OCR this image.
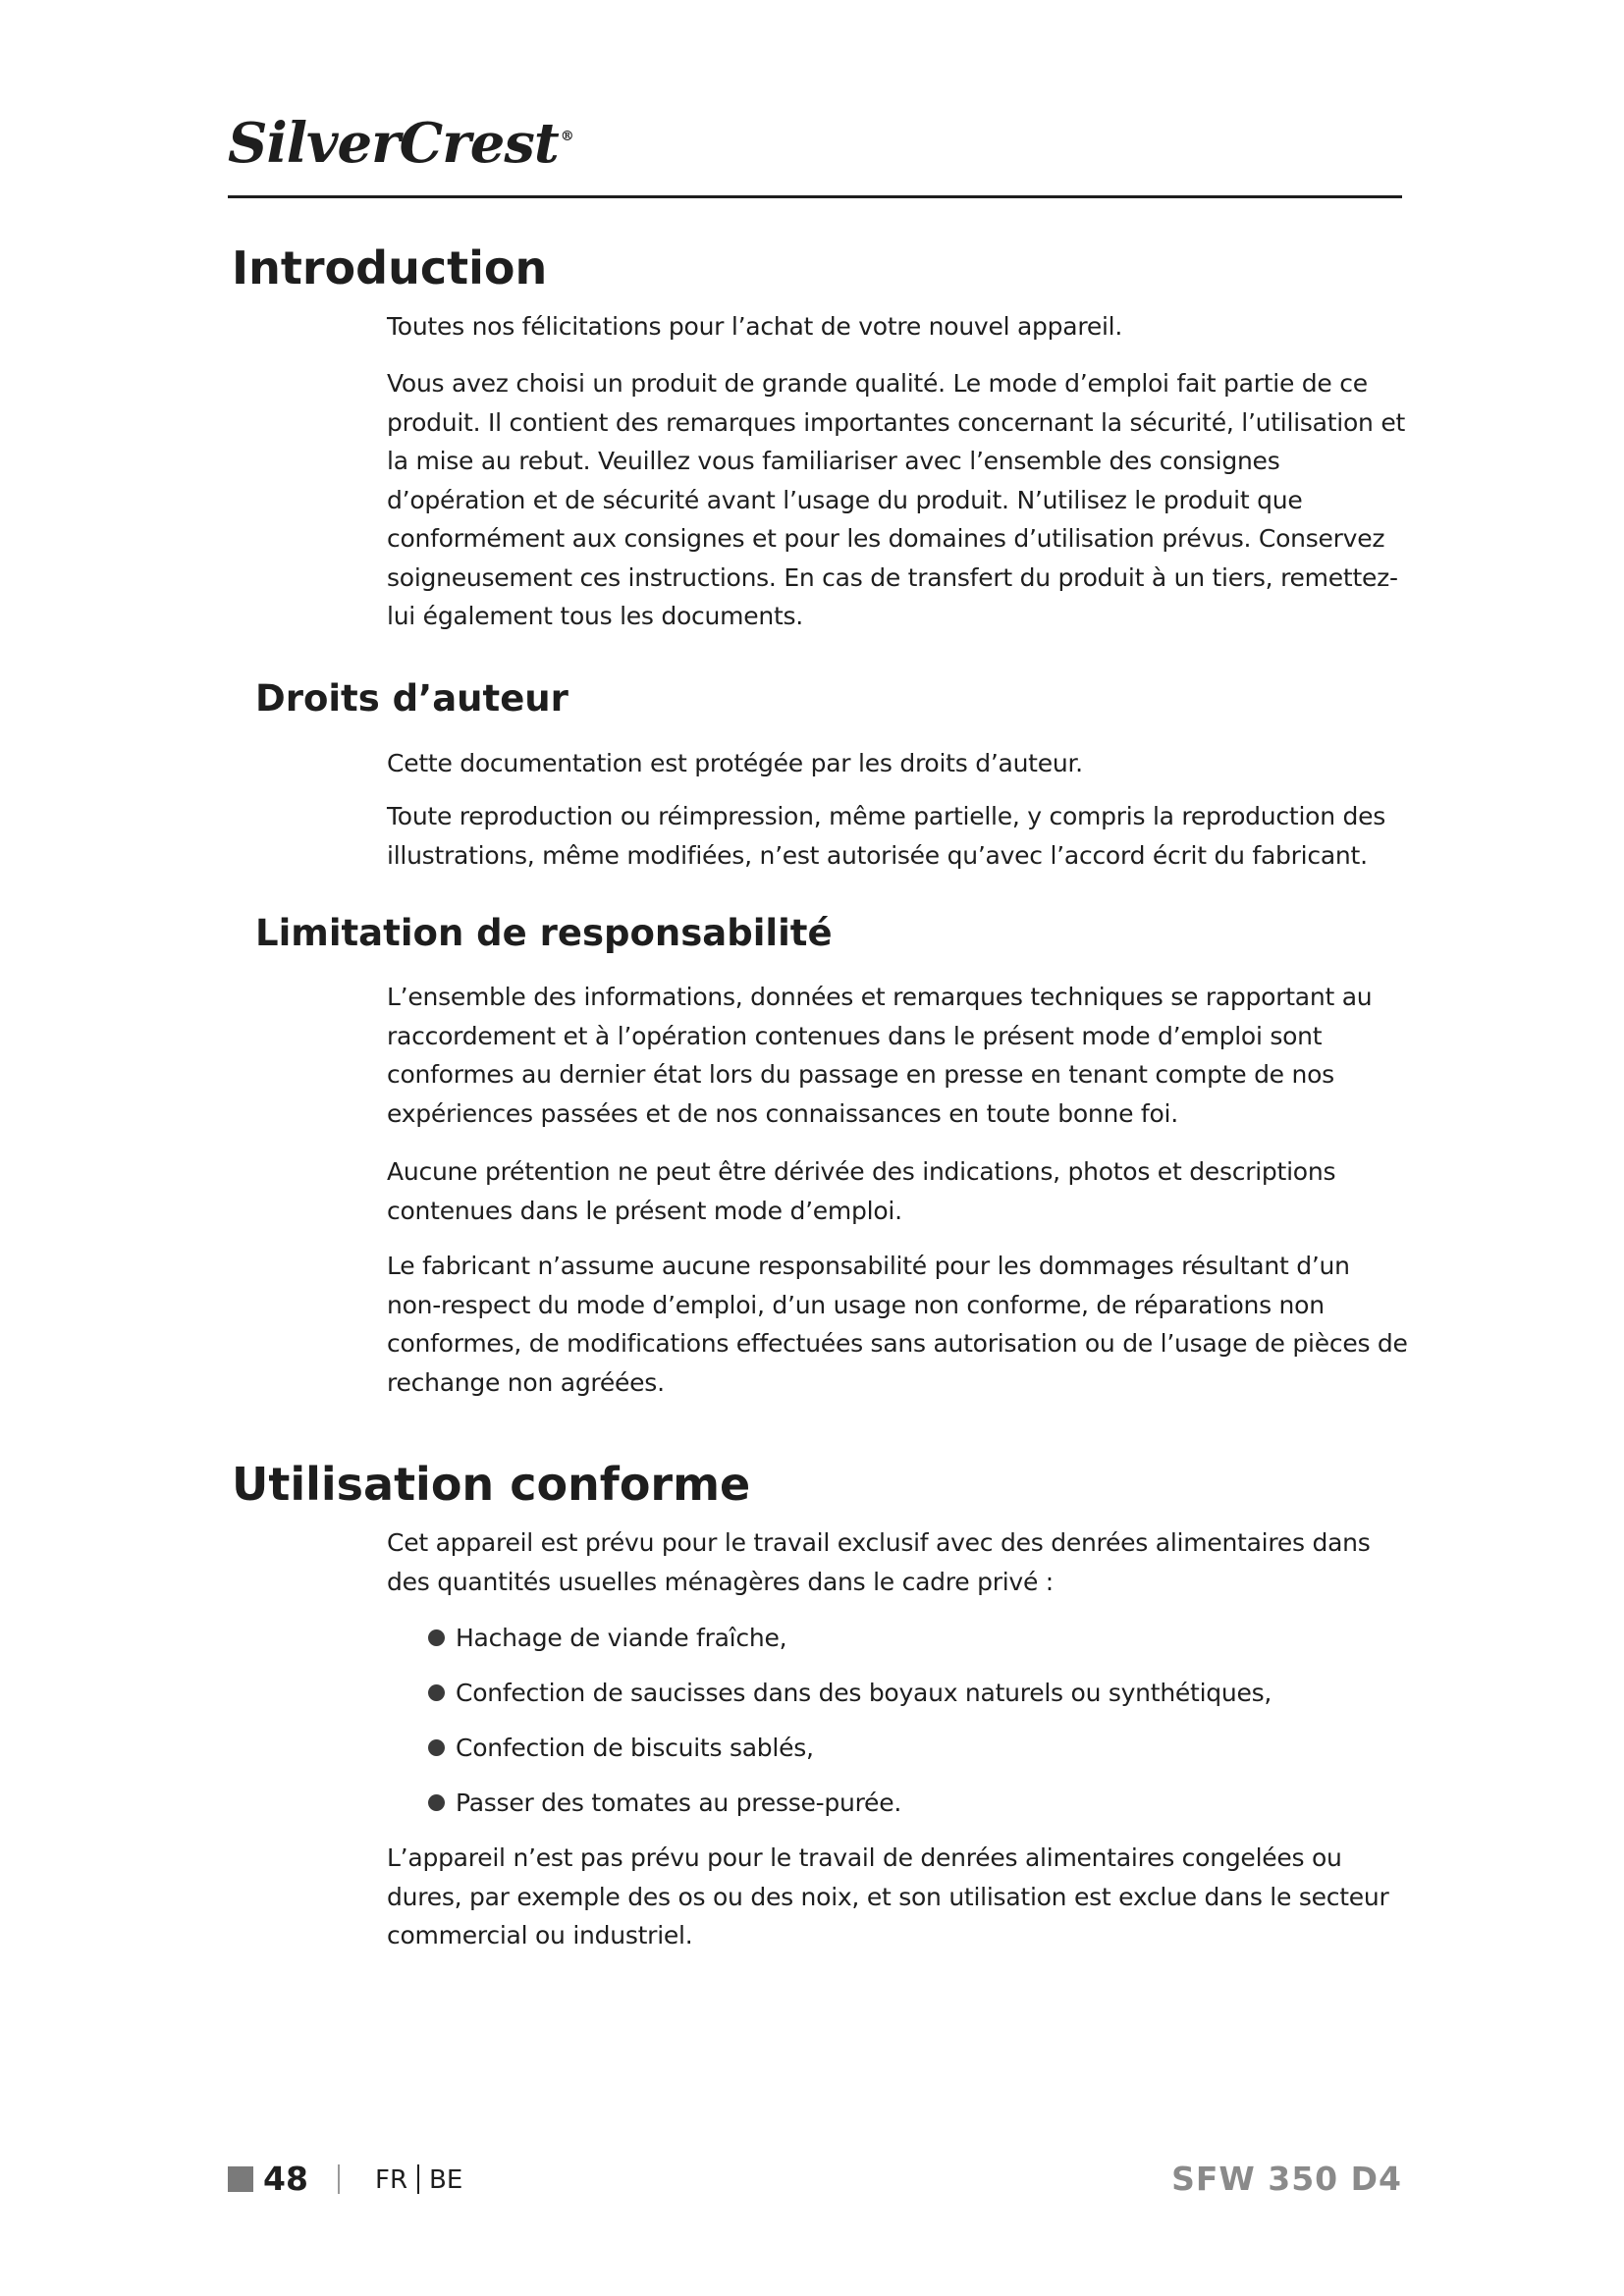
SilverCrest ®
Introduction

Toutes nos félicitations pour l’achat de votre nouvel appareil.

Vous avez choisi un produit de grande qualité. Le mode d’emploi fait partie de ce produit. Il contient des remarques importantes concernant la sécurité, l’utilisation et la mise au rebut. Veuillez vous familiariser avec l’ensemble des consignes d’opération et de sécurité avant l’usage du produit. N’utilisez le produit que conformément aux consignes et pour les domaines d’utilisation prévus. Conservez soigneusement ces instructions. En cas de transfert du produit à un tiers, remettez-lui également tous les documents.

Droits d’auteur

Cette documentation est protégée par les droits d’auteur.

Toute reproduction ou réimpression, même partielle, y compris la reproduction des illustrations, même modifiées, n’est autorisée qu’avec l’accord écrit du fabricant.

Limitation de responsabilité

L’ensemble des informations, données et remarques techniques se rapportant au raccordement et à l’opération contenues dans le présent mode d’emploi sont conformes au dernier état lors du passage en presse en tenant compte de nos expériences passées et de nos connaissances en toute bonne foi.

Aucune prétention ne peut être dérivée des indications, photos et descriptions contenues dans le présent mode d’emploi.

Le fabricant n’assume aucune responsabilité pour les dommages résultant d’un non-respect du mode d’emploi, d’un usage non conforme, de réparations non conformes, de modifications effectuées sans autorisation ou de l’usage de pièces de rechange non agréées.

Utilisation conforme

Cet appareil est prévu pour le travail exclusif avec des denrées alimentaires dans des quantités usuelles ménagères dans le cadre privé :

Hachage de viande fraîche,
Confection de saucisses dans des boyaux naturels ou synthétiques,
Confection de biscuits sablés,
Passer des tomates au presse-purée.

L’appareil n’est pas prévu pour le travail de denrées alimentaires congelées ou dures, par exemple des os ou des noix, et son utilisation est exclue dans le secteur commercial ou industriel.

48	FR BE	SFW 350 D4
